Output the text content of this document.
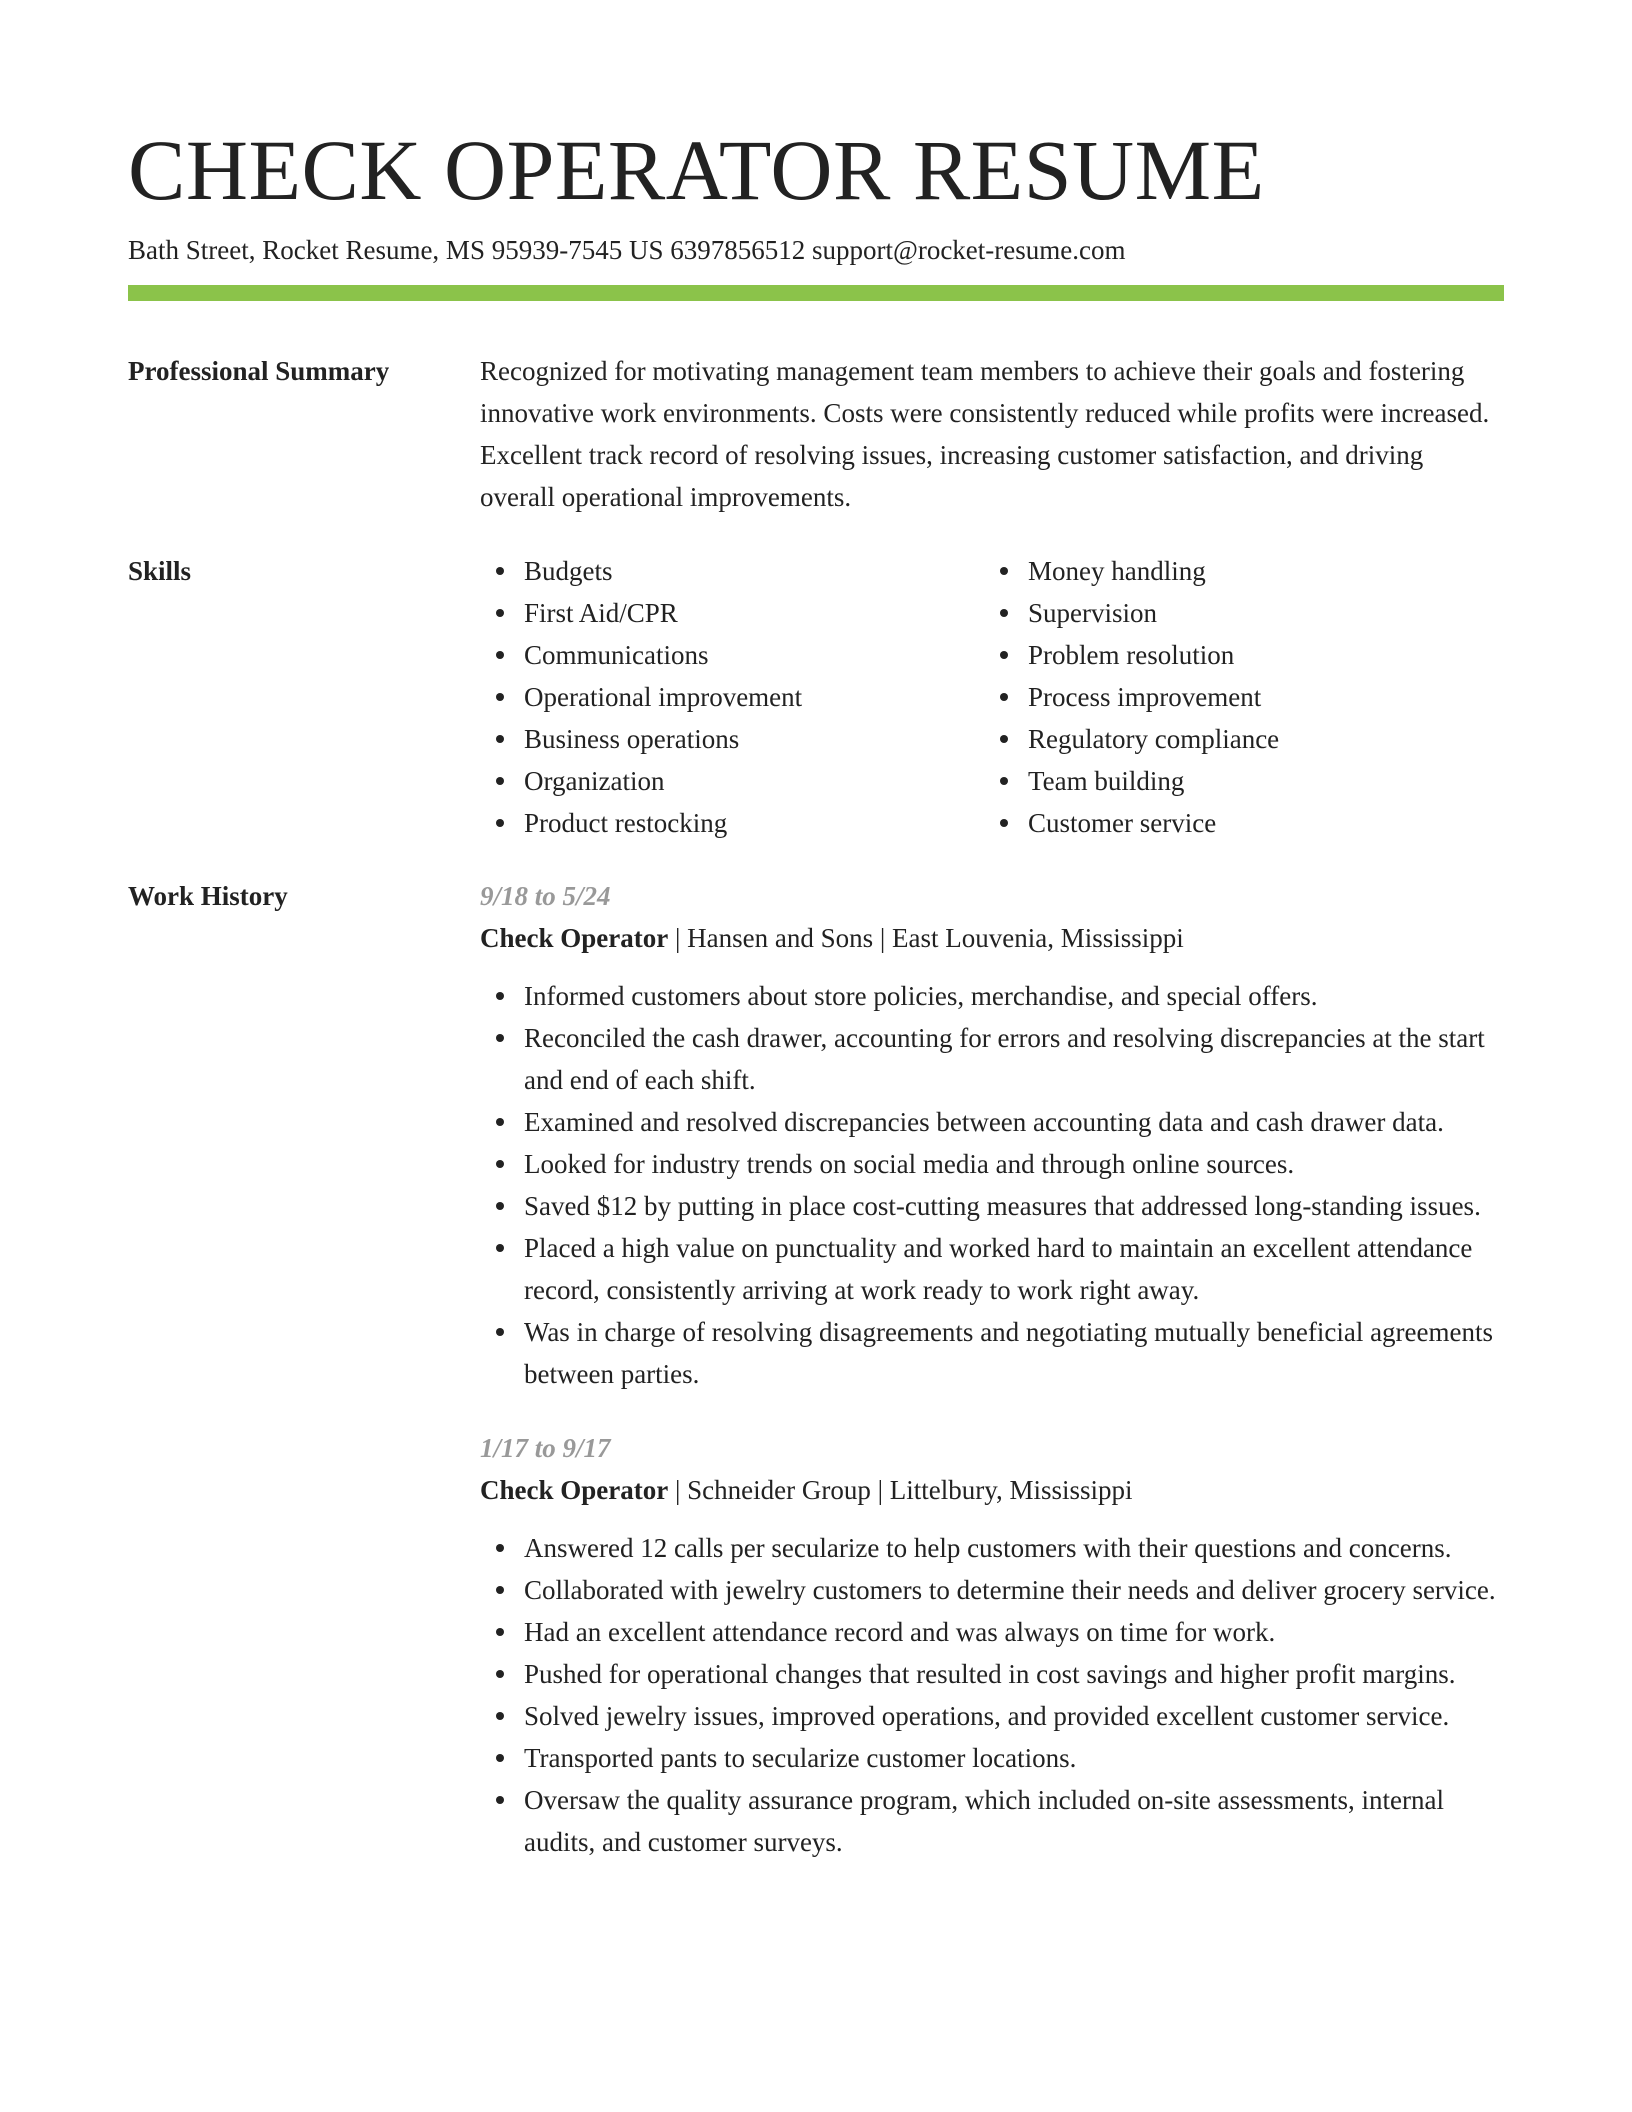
CHECK OPERATOR RESUME
Bath Street, Rocket Resume, MS 95939-7545 US 6397856512 support@rocket-resume.com
Professional Summary	Recognized for motivating management team members to achieve their goals and fostering innovative work environments. Costs were consistently reduced while profits were increased. Excellent track record of resolving issues, increasing customer satisfaction, and driving overall operational improvements.

Skills	Budgets
First Aid/CPR
Communications
Operational improvement
Business operations
Organization
Product restocking
Money handling
Supervision
Problem resolution
Process improvement
Regulatory compliance
Team building
Customer service
Work History	9/18 to 5/24
Check Operator | Hansen and Sons | East Louvenia, Mississippi
Informed customers about store policies, merchandise, and special offers.
Reconciled the cash drawer, accounting for errors and resolving discrepancies at the start and end of each shift.
Examined and resolved discrepancies between accounting data and cash drawer data.
Looked for industry trends on social media and through online sources.
Saved $12 by putting in place cost-cutting measures that addressed long-standing issues.
Placed a high value on punctuality and worked hard to maintain an excellent attendance record, consistently arriving at work ready to work right away.
Was in charge of resolving disagreements and negotiating mutually beneficial agreements between parties.
1/17 to 9/17
Check Operator | Schneider Group | Littelbury, Mississippi
Answered 12 calls per secularize to help customers with their questions and concerns.
Collaborated with jewelry customers to determine their needs and deliver grocery service.
Had an excellent attendance record and was always on time for work.
Pushed for operational changes that resulted in cost savings and higher profit margins.
Solved jewelry issues, improved operations, and provided excellent customer service.
Transported pants to secularize customer locations.
Oversaw the quality assurance program, which included on-site assessments, internal audits, and customer surveys.
